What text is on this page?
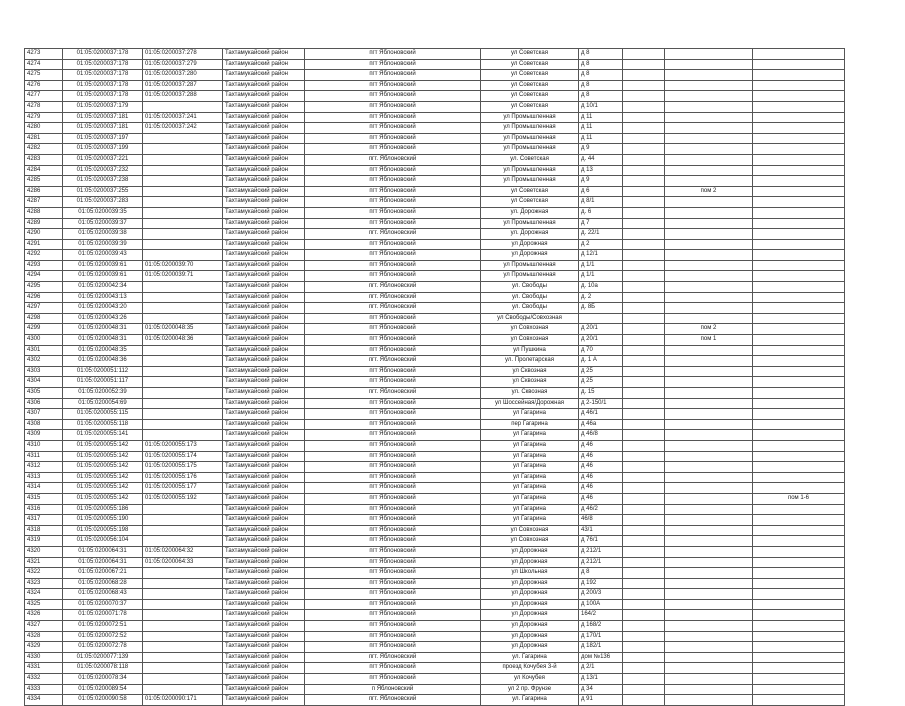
4273	01:05:0200037:178	01:05:0200037:278	Тахтамукайский район	пгт Яблоновский	ул Советская	д 8			
4274	01:05:0200037:178	01:05:0200037:279	Тахтамукайский район	пгт Яблоновский	ул Советская	д 8			
4275	01:05:0200037:178	01:05:0200037:280	Тахтамукайский район	пгт Яблоновский	ул Советская	д 8			
4276	01:05:0200037:178	01:05:0200037:287	Тахтамукайский район	пгт Яблоновский	ул Советская	д 8			
4277	01:05:0200037:178	01:05:0200037:288	Тахтамукайский район	пгт Яблоновский	ул Советская	д 8			
4278	01:05:0200037:179		Тахтамукайский район	пгт Яблоновский	ул Советская	д 10/1			
4279	01:05:0200037:181	01:05:0200037:241	Тахтамукайский район	пгт Яблоновский	ул Промышленная	д 11			
4280	01:05:0200037:181	01:05:0200037:242	Тахтамукайский район	пгт Яблоновский	ул Промышленная	д 11			
4281	01:05:0200037:197		Тахтамукайский район	пгт Яблоновский	ул Промышленная	д 11			
4282	01:05:0200037:199		Тахтамукайский район	пгт Яблоновский	ул Промышленная	д 9			
4283	01:05:0200037:221		Тахтамукайский район	пгт. Яблоновский	ул. Советская	д. 44			
4284	01:05:0200037:232		Тахтамукайский район	пгт Яблоновский	ул Промышленная	д 13			
4285	01:05:0200037:238		Тахтамукайский район	пгт Яблоновский	ул Промышленная	д 9			
4286	01:05:0200037:255		Тахтамукайский район	пгт Яблоновский	ул Советская	д 6		пом 2	
4287	01:05:0200037:283		Тахтамукайский район	пгт Яблоновский	ул Советская	д 8/1			
4288	01:05:0200039:35		Тахтамукайский район	пгт Яблоновский	ул. Дорожная	д. 6			
4289	01:05:0200039:37		Тахтамукайский район	пгт Яблоновский	ул Промышленная	д 7			
4290	01:05:0200039:38		Тахтамукайский район	пгт. Яблоновский	ул. Дорожная	д. 22/1			
4291	01:05:0200039:39		Тахтамукайский район	пгт Яблоновский	ул Дорожная	д 2			
4292	01:05:0200039:43		Тахтамукайский район	пгт Яблоновский	ул Дорожная	д 12/1			
4293	01:05:0200039:61	01:05:0200039:70	Тахтамукайский район	пгт Яблоновский	ул Промышленная	д 1/1			
4294	01:05:0200039:61	01:05:0200039:71	Тахтамукайский район	пгт Яблоновский	ул Промышленная	д 1/1			
4295	01:05:0200042:34		Тахтамукайский район	пгт. Яблоновский	ул. Свободы	д. 10а			
4296	01:05:0200043:13		Тахтамукайский район	пгт. Яблоновский	ул. Свободы	д. 2			
4297	01:05:0200043:20		Тахтамукайский район	пгт. Яблоновский	ул. Свободы	д. 8Б			
4298	01:05:0200043:26		Тахтамукайский район	пгт Яблоновский	ул Свободы/Совхозная				
4299	01:05:0200048:31	01:05:0200048:35	Тахтамукайский район	пгт Яблоновский	ул Совхозная	д 20/1		пом 2	
4300	01:05:0200048:31	01:05:0200048:36	Тахтамукайский район	пгт Яблоновский	ул Совхозная	д 20/1		пом 1	
4301	01:05:0200048:35		Тахтамукайский район	пгт Яблоновский	ул Пушкина	д 70			
4302	01:05:0200048:36		Тахтамукайский район	пгт. Яблоновский	ул. Пролетарская	д. 1 А			
4303	01:05:0200051:112		Тахтамукайский район	пгт Яблоновский	ул Сквозная	д 25			
4304	01:05:0200051:117		Тахтамукайский район	пгт Яблоновский	ул Сквозная	д 25			
4305	01:05:0200052:39		Тахтамукайский район	пгт. Яблоновский	ул. Сквозная	д. 15			
4306	01:05:0200054:69		Тахтамукайский район	пгт Яблоновский	ул Шоссейная/Дорожная	д 2-150/1			
4307	01:05:0200055:115		Тахтамукайский район	пгт Яблоновский	ул Гагарина	д 46/1			
4308	01:05:0200055:118		Тахтамукайский район	пгт Яблоновский	пер Гагарина	д 46а			
4309	01:05:0200055:141		Тахтамукайский район	пгт Яблоновский	ул Гагарина	д 46/8			
4310	01:05:0200055:142	01:05:0200055:173	Тахтамукайский район	пгт Яблоновский	ул Гагарина	д 46			
4311	01:05:0200055:142	01:05:0200055:174	Тахтамукайский район	пгт Яблоновский	ул Гагарина	д 46			
4312	01:05:0200055:142	01:05:0200055:175	Тахтамукайский район	пгт Яблоновский	ул Гагарина	д 46			
4313	01:05:0200055:142	01:05:0200055:176	Тахтамукайский район	пгт Яблоновский	ул Гагарина	д 46			
4314	01:05:0200055:142	01:05:0200055:177	Тахтамукайский район	пгт Яблоновский	ул Гагарина	д 46			
4315	01:05:0200055:142	01:05:0200055:192	Тахтамукайский район	пгт Яблоновский	ул Гагарина	д 46			пом 1-6
4316	01:05:0200055:186		Тахтамукайский район	пгт Яблоновский	ул Гагарина	д 46/2			
4317	01:05:0200055:190		Тахтамукайский район	пгт Яблоновский	ул Гагарина	46/8			
4318	01:05:0200055:198		Тахтамукайский район	пгт Яблоновский	ул Совхозная	43/1			
4319	01:05:0200056:104		Тахтамукайский район	пгт Яблоновский	ул Совхозная	д 76/1			
4320	01:05:0200064:31	01:05:0200064:32	Тахтамукайский район	пгт Яблоновский	ул Дорожная	д 212/1			
4321	01:05:0200064:31	01:05:0200064:33	Тахтамукайский район	пгт Яблоновский	ул Дорожная	д 212/1			
4322	01:05:0200067:21		Тахтамукайский район	пгт Яблоновский	ул Школьная	д 8			
4323	01:05:0200068:28		Тахтамукайский район	пгт Яблоновский	ул Дорожная	д 192			
4324	01:05:0200068:43		Тахтамукайский район	пгт Яблоновский	ул Дорожная	д 200/3			
4325	01:05:0200070:37		Тахтамукайский район	пгт Яблоновский	ул Дорожная	д 100А			
4326	01:05:0200071:78		Тахтамукайский район	пгт Яблоновский	ул Дорожная	164/2			
4327	01:05:0200072:51		Тахтамукайский район	пгт Яблоновский	ул Дорожная	д 168/2			
4328	01:05:0200072:52		Тахтамукайский район	пгт Яблоновский	ул Дорожная	д 170/1			
4329	01:05:0200072:78		Тахтамукайский район	пгт Яблоновский	ул Дорожная	д 182/1			
4330	01:05:0200077:139		Тахтамукайский район	пгт. Яблоновский	ул. Гагарина	дом №136			
4331	01:05:0200078:118		Тахтамукайский район	пгт Яблоновский	проезд Кочубея 3-й	д 2/1			
4332	01:05:0200078:34		Тахтамукайский район	пгт Яблоновский	ул Кочубея	д 13/1			
4333	01:05:0200089:54		Тахтамукайский район	п Яблоновский	ул 2 пр. Фрунзе	д 34			
4334	01:05:0200090:58	01:05:0200090:171	Тахтамукайский район	пгт. Яблоновский	ул. Гагарина	д 91			
